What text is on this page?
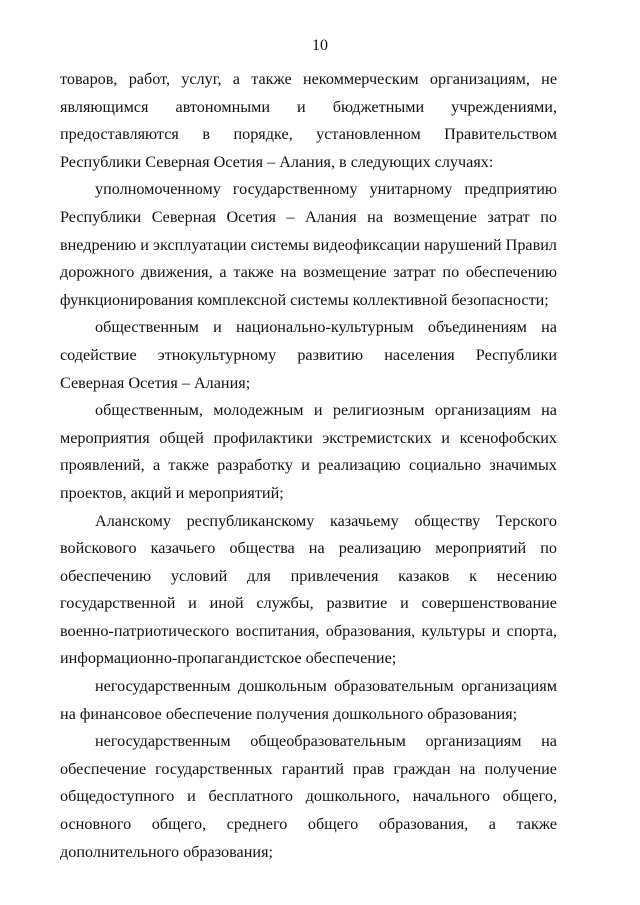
10

товаров, работ, услуг, а также некоммерческим организациям, не являющимся автономными и бюджетными учреждениями, предоставляются в порядке, установленном Правительством Республики Северная Осетия – Алания, в следующих случаях:

уполномоченному государственному унитарному предприятию Республики Северная Осетия – Алания на возмещение затрат по внедрению и эксплуатации системы видеофиксации нарушений Правил дорожного движения, а также на возмещение затрат по обеспечению функционирования комплексной системы коллективной безопасности;

общественным и национально-культурным объединениям на содействие этнокультурному развитию населения Республики Северная Осетия – Алания;

общественным, молодежным и религиозным организациям на мероприятия общей профилактики экстремистских и ксенофобских проявлений, а также разработку и реализацию социально значимых проектов, акций и мероприятий;

Аланскому республиканскому казачьему обществу Терского войскового казачьего общества на реализацию мероприятий по обеспечению условий для привлечения казаков к несению государственной и иной службы, развитие и совершенствование военно-патриотического воспитания, образования, культуры и спорта, информационно-пропагандистское обеспечение;

негосударственным дошкольным образовательным организациям на финансовое обеспечение получения дошкольного образования;

негосударственным общеобразовательным организациям на обеспечение государственных гарантий прав граждан на получение общедоступного и бесплатного дошкольного, начального общего, основного общего, среднего общего образования, а также дополнительного образования;
